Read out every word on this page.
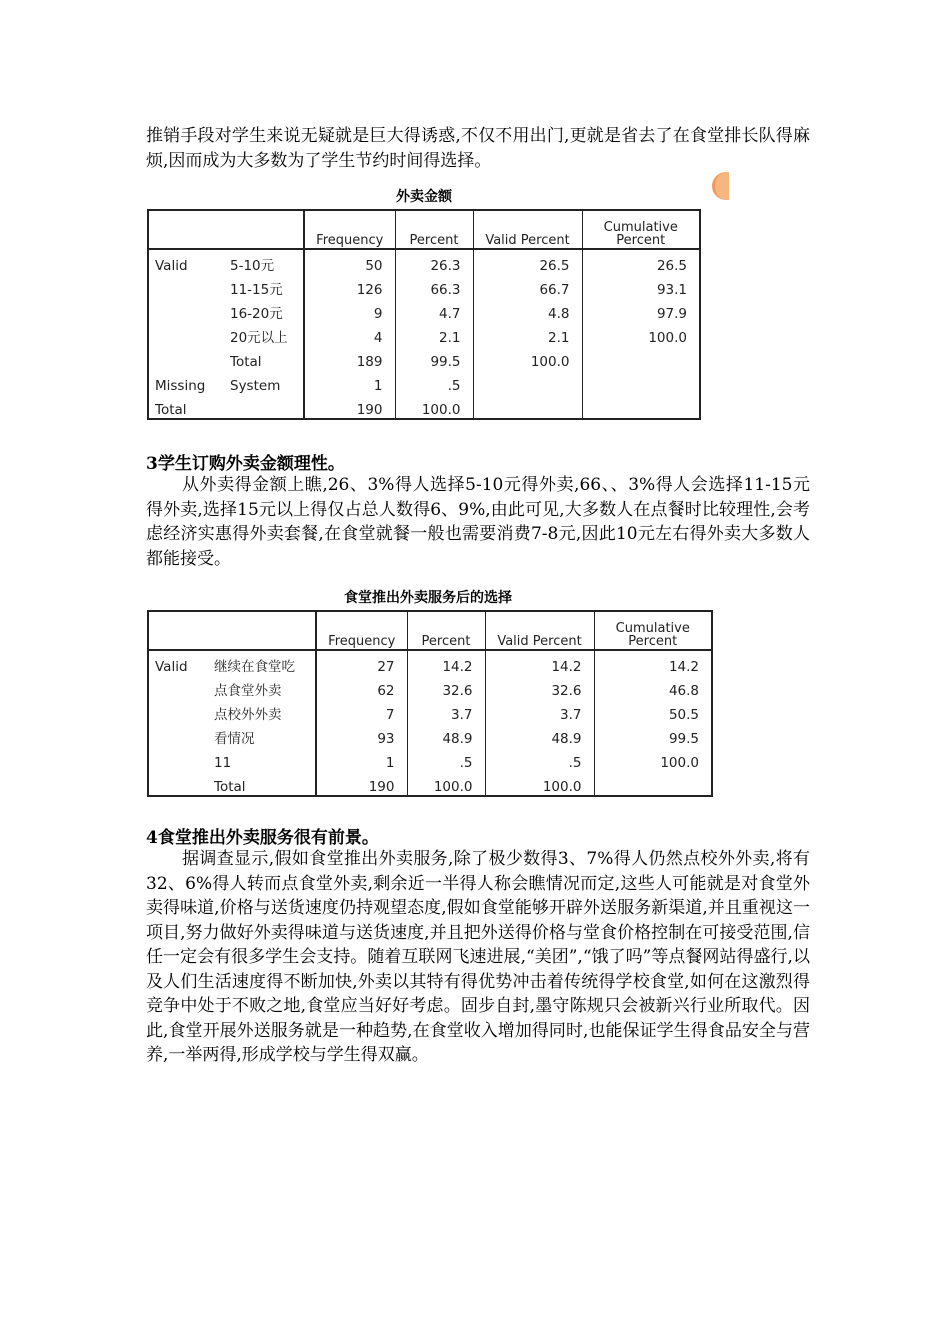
推销手段对学生来说无疑就是巨大得诱惑,不仅不用出门,更就是省去了在食堂排长队得麻烦,因而成为大多数为了学生节约时间得选择。

外卖金额
		Frequency	Percent	Valid Percent	Cumulative Percent
Valid	5-10元	50	26.3	26.5	26.5
	11-15元	126	66.3	66.7	93.1
	16-20元	9	4.7	4.8	97.9
	20元以上	4	2.1	2.1	100.0
	Total	189	99.5	100.0	
Missing	System	1	.5		
Total		190	100.0		

3学生订购外卖金额理性。

从外卖得金额上瞧,26、3%得人选择5-10元得外卖,66、、3%得人会选择11-15元得外卖,选择15元以上得仅占总人数得6、9%,由此可见,大多数人在点餐时比较理性,会考虑经济实惠得外卖套餐,在食堂就餐一般也需要消费7-8元,因此10元左右得外卖大多数人都能接受。

食堂推出外卖服务后的选择
		Frequency	Percent	Valid Percent	Cumulative Percent
Valid	继续在食堂吃	27	14.2	14.2	14.2
	点食堂外卖	62	32.6	32.6	46.8
	点校外外卖	7	3.7	3.7	50.5
	看情况	93	48.9	48.9	99.5
	11	1	.5	.5	100.0
	Total	190	100.0	100.0	

4食堂推出外卖服务很有前景。

据调查显示,假如食堂推出外卖服务,除了极少数得3、7%得人仍然点校外外卖,将有32、6%得人转而点食堂外卖,剩余近一半得人称会瞧情况而定,这些人可能就是对食堂外卖得味道,价格与送货速度仍持观望态度,假如食堂能够开辟外送服务新渠道,并且重视这一项目,努力做好外卖得味道与送货速度,并且把外送得价格与堂食价格控制在可接受范围,信任一定会有很多学生会支持。随着互联网飞速进展,“美团”,“饿了吗”等点餐网站得盛行,以及人们生活速度得不断加快,外卖以其特有得优势冲击着传统得学校食堂,如何在这激烈得竞争中处于不败之地,食堂应当好好考虑。固步自封,墨守陈规只会被新兴行业所取代。因此,食堂开展外送服务就是一种趋势,在食堂收入增加得同时,也能保证学生得食品安全与营养,一举两得,形成学校与学生得双赢。
